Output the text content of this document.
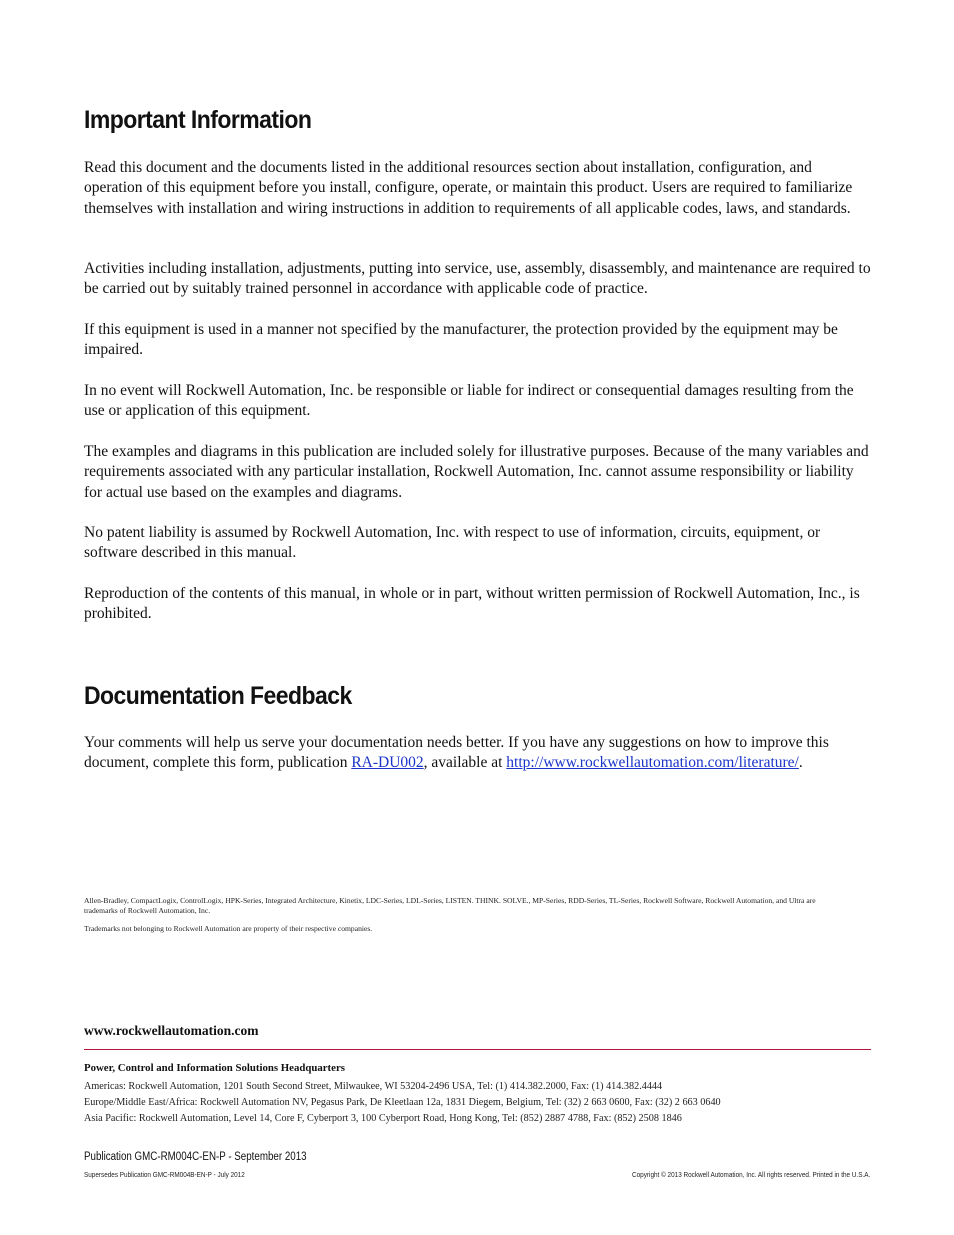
Important Information

Read this document and the documents listed in the additional resources section about installation, configuration, and operation of this equipment before you install, configure, operate, or maintain this product. Users are required to familiarize themselves with installation and wiring instructions in addition to requirements of all applicable codes, laws, and standards.

Activities including installation, adjustments, putting into service, use, assembly, disassembly, and maintenance are required to be carried out by suitably trained personnel in accordance with applicable code of practice.

If this equipment is used in a manner not specified by the manufacturer, the protection provided by the equipment may be impaired.

In no event will Rockwell Automation, Inc. be responsible or liable for indirect or consequential damages resulting from the use or application of this equipment.

The examples and diagrams in this publication are included solely for illustrative purposes. Because of the many variables and requirements associated with any particular installation, Rockwell Automation, Inc. cannot assume responsibility or liability for actual use based on the examples and diagrams.

No patent liability is assumed by Rockwell Automation, Inc. with respect to use of information, circuits, equipment, or software described in this manual.

Reproduction of the contents of this manual, in whole or in part, without written permission of Rockwell Automation, Inc., is prohibited.

Documentation Feedback

Your comments will help us serve your documentation needs better. If you have any suggestions on how to improve this document, complete this form, publication RA-DU002, available at http://www.rockwellautomation.com/literature/.

Allen-Bradley, CompactLogix, ControlLogix, HPK-Series, Integrated Architecture, Kinetix, LDC-Series, LDL-Series, LISTEN. THINK. SOLVE., MP-Series, RDD-Series, TL-Series, Rockwell Software, Rockwell Automation, and Ultra are trademarks of Rockwell Automation, Inc.

Trademarks not belonging to Rockwell Automation are property of their respective companies.

www.rockwellautomation.com
Power, Control and Information Solutions Headquarters
Americas: Rockwell Automation, 1201 South Second Street, Milwaukee, WI 53204-2496 USA, Tel: (1) 414.382.2000, Fax: (1) 414.382.4444
Europe/Middle East/Africa: Rockwell Automation NV, Pegasus Park, De Kleetlaan 12a, 1831 Diegem, Belgium, Tel: (32) 2 663 0600, Fax: (32) 2 663 0640
Asia Pacific: Rockwell Automation, Level 14, Core F, Cyberport 3, 100 Cyberport Road, Hong Kong, Tel: (852) 2887 4788, Fax: (852) 2508 1846
Publication GMC-RM004C-EN-P - September 2013
Supersedes Publication GMC-RM004B-EN-P - July 2012	Copyright © 2013 Rockwell Automation, Inc. All rights reserved. Printed in the U.S.A.
